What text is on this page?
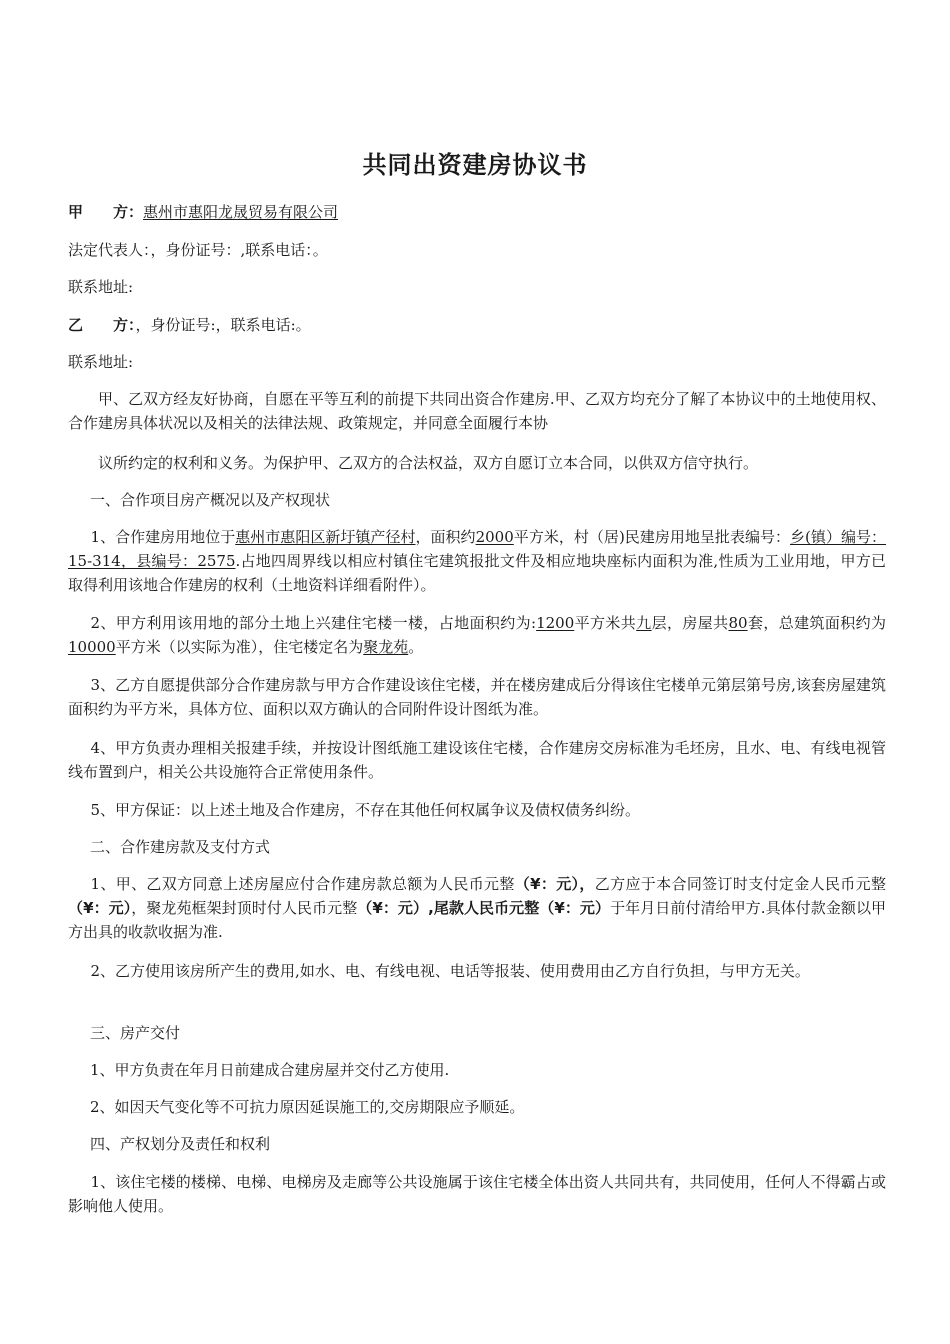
共同出资建房协议书
甲　　方：惠州市惠阳龙晟贸易有限公司
法定代表人：，身份证号：,联系电话：。
联系地址:
乙　　方：，身份证号:，联系电话:。
联系地址:
甲、乙双方经友好协商，自愿在平等互利的前提下共同出资合作建房.甲、乙双方均充分了解了本协议中的土地使用权、合作建房具体状况以及相关的法律法规、政策规定，并同意全面履行本协
议所约定的权利和义务。为保护甲、乙双方的合法权益，双方自愿订立本合同，以供双方信守执行。
一、合作项目房产概况以及产权现状
1、合作建房用地位于惠州市惠阳区新圩镇产径村，面积约2000平方米，村（居)民建房用地呈批表编号：乡(镇）编号：15-314，县编号：2575.占地四周界线以相应村镇住宅建筑报批文件及相应地块座标内面积为准,性质为工业用地，甲方已取得利用该地合作建房的权利（土地资料详细看附件）。
2、甲方利用该用地的部分土地上兴建住宅楼一楼，占地面积约为:1200平方米共九层，房屋共80套，总建筑面积约为10000平方米（以实际为准），住宅楼定名为聚龙苑。
3、乙方自愿提供部分合作建房款与甲方合作建设该住宅楼，并在楼房建成后分得该住宅楼单元第层第号房,该套房屋建筑面积约为平方米，具体方位、面积以双方确认的合同附件设计图纸为准。
4、甲方负责办理相关报建手续，并按设计图纸施工建设该住宅楼，合作建房交房标准为毛坯房，且水、电、有线电视管线布置到户，相关公共设施符合正常使用条件。
5、甲方保证：以上述土地及合作建房，不存在其他任何权属争议及债权债务纠纷。
二、合作建房款及支付方式
1、甲、乙双方同意上述房屋应付合作建房款总额为人民币元整（¥：元），乙方应于本合同签订时支付定金人民币元整（¥：元），聚龙苑框架封顶时付人民币元整（¥：元）,尾款人民币元整（¥：元）于年月日前付清给甲方.具体付款金额以甲方出具的收款收据为准.
2、乙方使用该房所产生的费用,如水、电、有线电视、电话等报装、使用费用由乙方自行负担，与甲方无关。
三、房产交付
1、甲方负责在年月日前建成合建房屋并交付乙方使用.
2、如因天气变化等不可抗力原因延误施工的,交房期限应予顺延。
四、产权划分及责任和权利
1、该住宅楼的楼梯、电梯、电梯房及走廊等公共设施属于该住宅楼全体出资人共同共有，共同使用，任何人不得霸占或影响他人使用。
